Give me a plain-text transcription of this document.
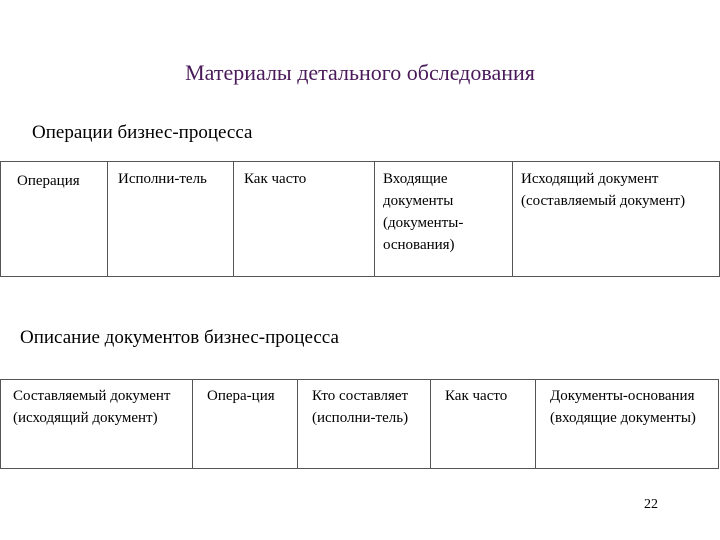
Материалы детального обследования
Операции бизнес-процесса
Операция	Исполни-тель	Как часто	Входящие документы (документы-основания)	Исходящий документ (составляемый документ)
Описание документов бизнес-процесса
Составляемый документ (исходящий документ)	Опера-ция	Кто составляет (исполни-тель)	Как часто	Документы-основания (входящие документы)
22
